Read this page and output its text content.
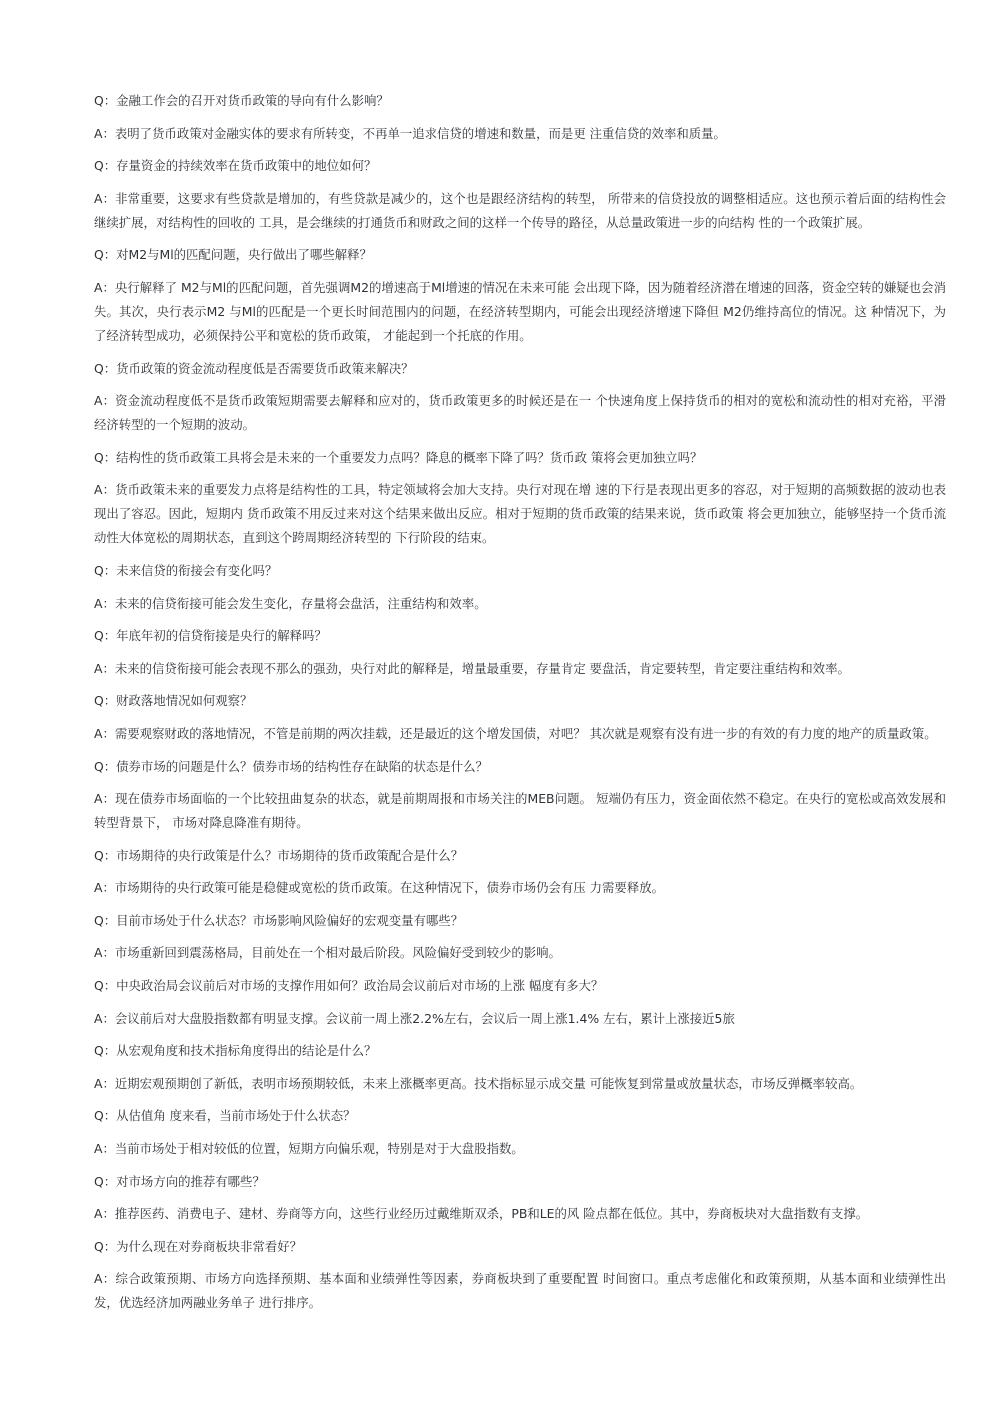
Q：金融工作会的召开对货币政策的导向有什么影响？

A：表明了货币政策对金融实体的要求有所转变，不再单一追求信贷的增速和数量，而是更 注重信贷的效率和质量。

Q：存量资金的持续效率在货币政策中的地位如何？

A：非常重要，这要求有些贷款是增加的，有些贷款是减少的，这个也是跟经济结构的转型， 所带来的信贷投放的调整相适应。这也预示着后面的结构性会继续扩展，对结构性的回收的 工具，是会继续的打通货币和财政之间的这样一个传导的路径，从总量政策进一步的向结构 性的一个政策扩展。

Q：对M2与Ml的匹配问题，央行做出了哪些解释？

A：央行解释了 M2与Ml的匹配问题，首先强调M2的增速高于Ml增速的情况在未来可能 会出现下降，因为随着经济潜在增速的回落，资金空转的嫌疑也会消失。其次，央行表示M2 与Ml的匹配是一个更长时间范围内的问题，在经济转型期内，可能会出现经济增速下降但 M2仍维持高位的情况。这 种情况下，为了经济转型成功，必须保持公平和宽松的货币政策， 才能起到一个托底的作用。

Q：货币政策的资金流动程度低是否需要货币政策来解决？

A：资金流动程度低不是货币政策短期需要去解释和应对的，货币政策更多的时候还是在一 个快速角度上保持货币的相对的宽松和流动性的相对充裕，平滑经济转型的一个短期的波动。

Q：结构性的货币政策工具将会是未来的一个重要发力点吗？降息的概率下降了吗？货币政 策将会更加独立吗？

A：货币政策未来的重要发力点将是结构性的工具，特定领域将会加大支持。央行对现在增 速的下行是表现出更多的容忍，对于短期的高频数据的波动也表现出了容忍。因此，短期内 货币政策不用反过来对这个结果来做出反应。相对于短期的货币政策的结果来说，货币政策 将会更加独立，能够坚持一个货币流动性大体宽松的周期状态，直到这个跨周期经济转型的 下行阶段的结束。

Q：未来信贷的衔接会有变化吗？

A：未来的信贷衔接可能会发生变化，存量将会盘活，注重结构和效率。

Q：年底年初的信贷衔接是央行的解释吗？

A：未来的信贷衔接可能会表现不那么的强劲，央行对此的解释是，增量最重要，存量肯定 要盘活，肯定要转型，肯定要注重结构和效率。

Q：财政落地情况如何观察？

A：需要观察财政的落地情况，不管是前期的两次挂载，还是最近的这个增发国债，对吧？ 其次就是观察有没有进一步的有效的有力度的地产的质量政策。

Q：债券市场的问题是什么？债券市场的结构性存在缺陷的状态是什么？

A：现在债券市场面临的一个比较扭曲复杂的状态，就是前期周报和市场关注的MEB问题。 短端仍有压力，资金面依然不稳定。在央行的宽松或高效发展和转型背景下， 市场对降息降准有期待。

Q：市场期待的央行政策是什么？市场期待的货币政策配合是什么？

A：市场期待的央行政策可能是稳健或宽松的货币政策。在这种情况下，债券市场仍会有压 力需要释放。

Q：目前市场处于什么状态？市场影响风险偏好的宏观变量有哪些？

A：市场重新回到震荡格局，目前处在一个相对最后阶段。风险偏好受到较少的影响。

Q：中央政治局会议前后对市场的支撑作用如何？政治局会议前后对市场的上涨 幅度有多大？

A：会议前后对大盘股指数都有明显支撑。会议前一周上涨2.2%左右，会议后一周上涨1.4% 左右，累计上涨接近5旅

Q：从宏观角度和技术指标角度得出的结论是什么？

A：近期宏观预期创了新低，表明市场预期较低，未来上涨概率更高。技术指标显示成交量 可能恢复到常量或放量状态，市场反弹概率较高。

Q：从估值角 度来看，当前市场处于什么状态？

A：当前市场处于相对较低的位置，短期方向偏乐观，特别是对于大盘股指数。

Q：对市场方向的推荐有哪些？

A：推荐医药、消费电子、建材、券商等方向，这些行业经历过戴维斯双杀，PB和LE的风 险点都在低位。其中，券商板块对大盘指数有支撑。

Q：为什么现在对券商板块非常看好？

A：综合政策预期、市场方向选择预期、基本面和业绩弹性等因素，券商板块到了重要配置 时间窗口。重点考虑催化和政策预期，从基本面和业绩弹性出发，优选经济加两融业务单子 进行排序。
